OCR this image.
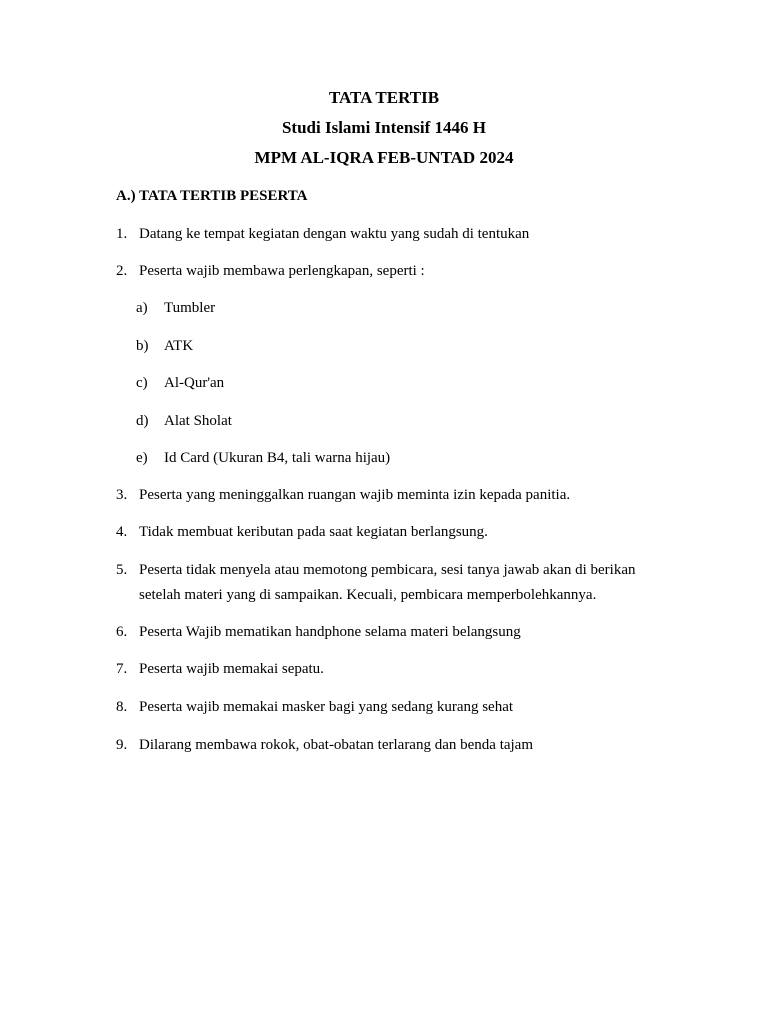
TATA TERTIB
Studi Islami Intensif 1446 H
MPM AL-IQRA FEB-UNTAD 2024
A.) TATA TERTIB PESERTA
1. Datang ke tempat kegiatan dengan waktu yang sudah di tentukan
2. Peserta wajib membawa perlengkapan, seperti :
a) Tumbler
b) ATK
c) Al-Qur'an
d) Alat Sholat
e) Id Card (Ukuran B4, tali warna hijau)
3. Peserta yang meninggalkan ruangan wajib meminta izin kepada panitia.
4. Tidak membuat keributan pada saat kegiatan berlangsung.
5. Peserta tidak menyela atau memotong pembicara, sesi tanya jawab akan di berikan
setelah materi yang di sampaikan. Kecuali, pembicara memperbolehkannya.
6. Peserta Wajib mematikan handphone selama materi belangsung
7. Peserta wajib memakai sepatu.
8. Peserta wajib memakai masker bagi yang sedang kurang sehat
9. Dilarang membawa rokok, obat-obatan terlarang dan benda tajam
